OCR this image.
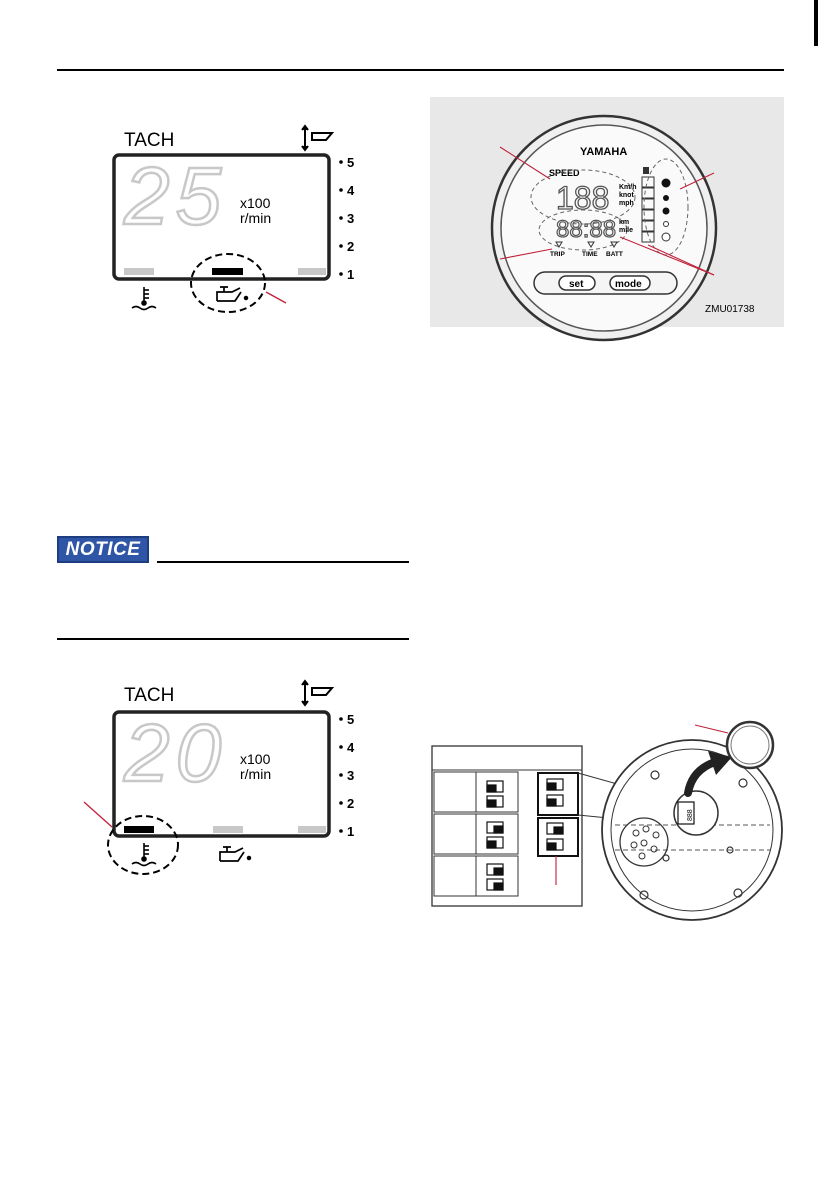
TACH
25 x100
r/min
5
4
3
2
1
YAMAHA
SPEED
188 Km/h
knot
mph
88:88 km
mile
TRIP	TIME BATT
set	mode
ZMU01738
NOTICE
TACH
20 x100
r/min
5
4
3
2
1
888
